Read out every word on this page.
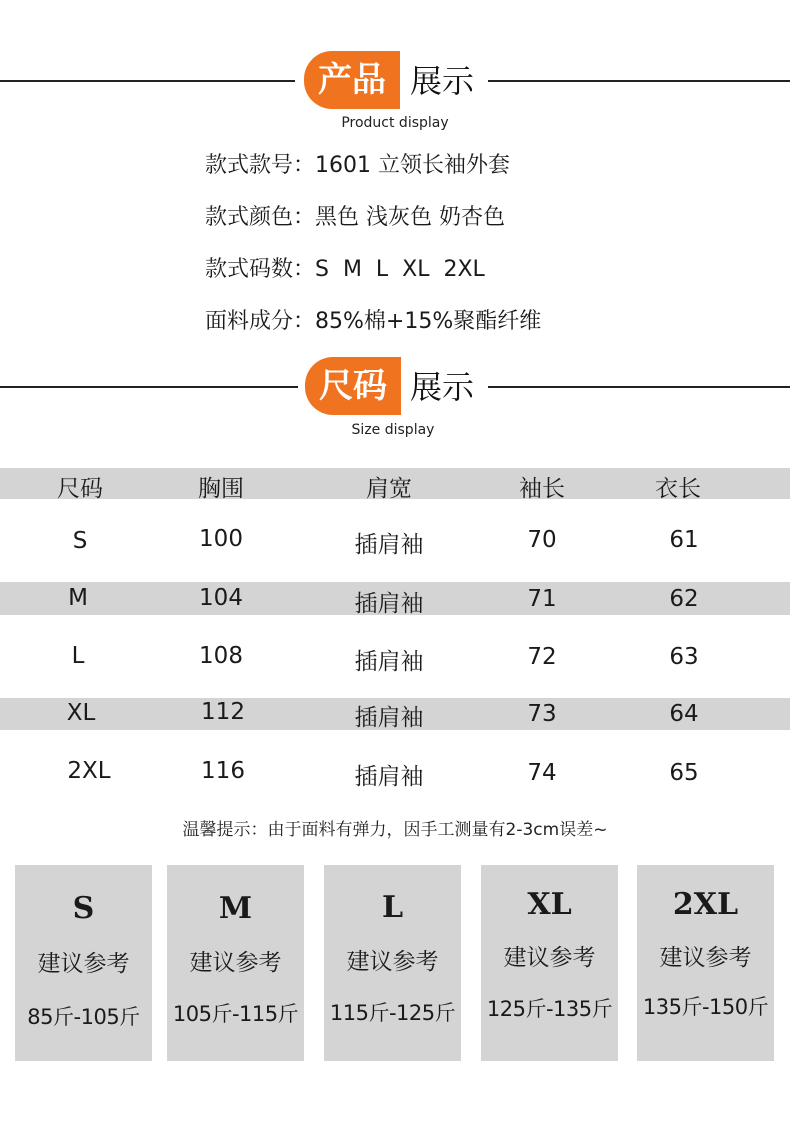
产品 展示
Product display
款式款号：1601 立领长袖外套
款式颜色：黑色 浅灰色 奶杏色
款式码数：S  M  L  XL  2XL
面料成分：85%棉+15%聚酯纤维
尺码 展示
Size display
尺码	胸围	肩宽	袖长	衣长
S	100	插肩袖	70	61
M	104	插肩袖	71	62
L	108	插肩袖	72	63
XL	112	插肩袖	73	64
2XL	116	插肩袖	74	65
温馨提示：由于面料有弹力，因手工测量有2-3cm误差~
S
建议参考
85斤-105斤
M
建议参考
105斤-115斤
L
建议参考
115斤-125斤
XL
建议参考
125斤-135斤
2XL
建议参考
135斤-150斤
